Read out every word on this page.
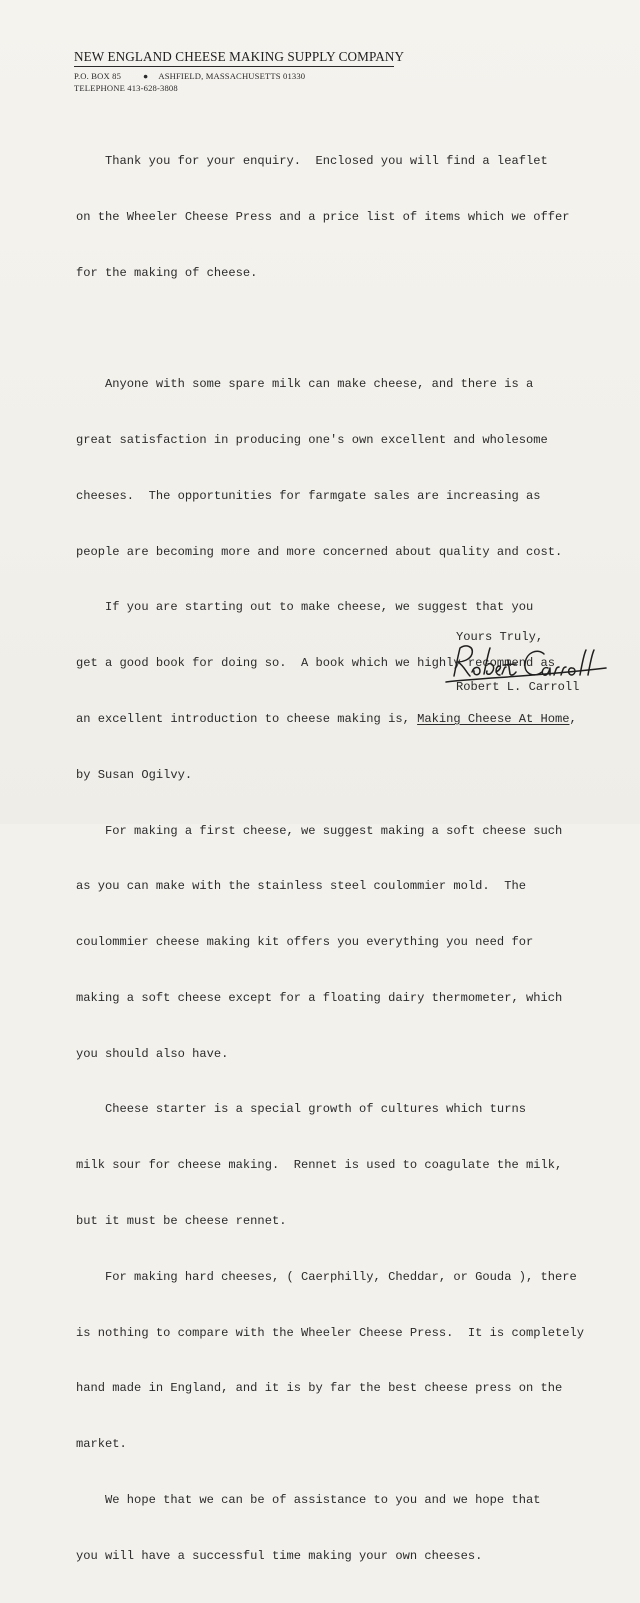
NEW ENGLAND CHEESE MAKING SUPPLY COMPANY
P.O. BOX 85	● ASHFIELD, MASSACHUSETTS 01330
TELEPHONE 413-628-3808

Thank you for your enquiry.  Enclosed you will find a leaflet

on the Wheeler Cheese Press and a price list of items which we offer

for the making of cheese.

Anyone with some spare milk can make cheese, and there is a

great satisfaction in producing one's own excellent and wholesome

cheeses.  The opportunities for farmgate sales are increasing as

people are becoming more and more concerned about quality and cost.

If you are starting out to make cheese, we suggest that you

get a good book for doing so.  A book which we highly recommend as

an excellent introduction to cheese making is, Making Cheese At Home,

by Susan Ogilvy.

For making a first cheese, we suggest making a soft cheese such

as you can make with the stainless steel coulommier mold.  The

coulommier cheese making kit offers you everything you need for

making a soft cheese except for a floating dairy thermometer, which

you should also have.

Cheese starter is a special growth of cultures which turns

milk sour for cheese making.  Rennet is used to coagulate the milk,

but it must be cheese rennet.

For making hard cheeses, ( Caerphilly, Cheddar, or Gouda ), there

is nothing to compare with the Wheeler Cheese Press.  It is completely

hand made in England, and it is by far the best cheese press on the

market.

We hope that we can be of assistance to you and we hope that

you will have a successful time making your own cheeses.

Yours Truly,
Robert L. Carroll
